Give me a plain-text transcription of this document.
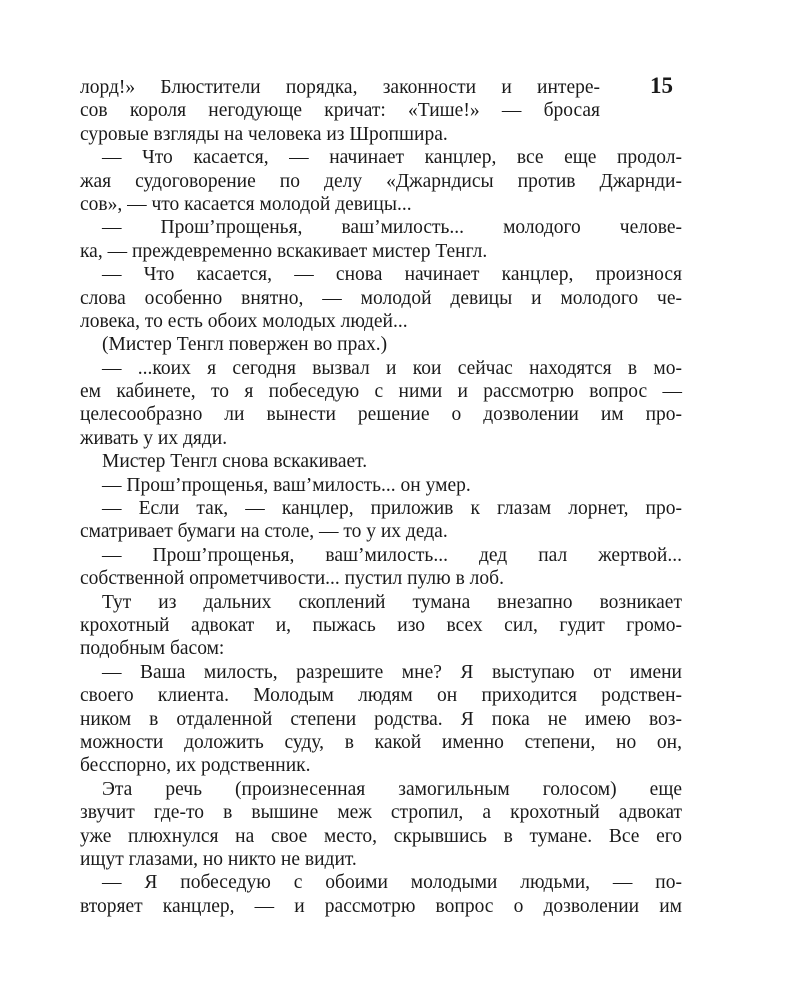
15
лорд!» Блюстители порядка, законности и интере-
сов короля негодующе кричат: «Тише!» — бросая
суровые взгляды на человека из Шропшира.
— Что касается, — начинает канцлер, все еще продол-
жая судоговорение по делу «Джарндисы против Джарнди-
сов», — что касается молодой девицы...
— Прош’прощенья, ваш’милость... молодого челове-
ка, — преждевременно вскакивает мистер Тенгл.
— Что касается, — снова начинает канцлер, произнося
слова особенно внятно, — молодой девицы и молодого че-
ловека, то есть обоих молодых людей...
(Мистер Тенгл повержен во прах.)
— ...коих я сегодня вызвал и кои сейчас находятся в мо-
ем кабинете, то я побеседую с ними и рассмотрю вопрос —
целесообразно ли вынести решение о дозволении им про-
живать у их дяди.
Мистер Тенгл снова вскакивает.
— Прош’прощенья, ваш’милость... он умер.
— Если так, — канцлер, приложив к глазам лорнет, про-
сматривает бумаги на столе, — то у их деда.
— Прош’прощенья, ваш’милость... дед пал жертвой...
собственной опрометчивости... пустил пулю в лоб.
Тут из дальних скоплений тумана внезапно возникает
крохотный адвокат и, пыжась изо всех сил, гудит громо-
подобным басом:
— Ваша милость, разрешите мне? Я выступаю от имени
своего клиента. Молодым людям он приходится родствен-
ником в отдаленной степени родства. Я пока не имею воз-
можности доложить суду, в какой именно степени, но он,
бесспорно, их родственник.
Эта речь (произнесенная замогильным голосом) еще
звучит где-то в вышине меж стропил, а крохотный адвокат
уже плюхнулся на свое место, скрывшись в тумане. Все его
ищут глазами, но никто не видит.
— Я побеседую с обоими молодыми людьми, — по-
вторяет канцлер, — и рассмотрю вопрос о дозволении им
